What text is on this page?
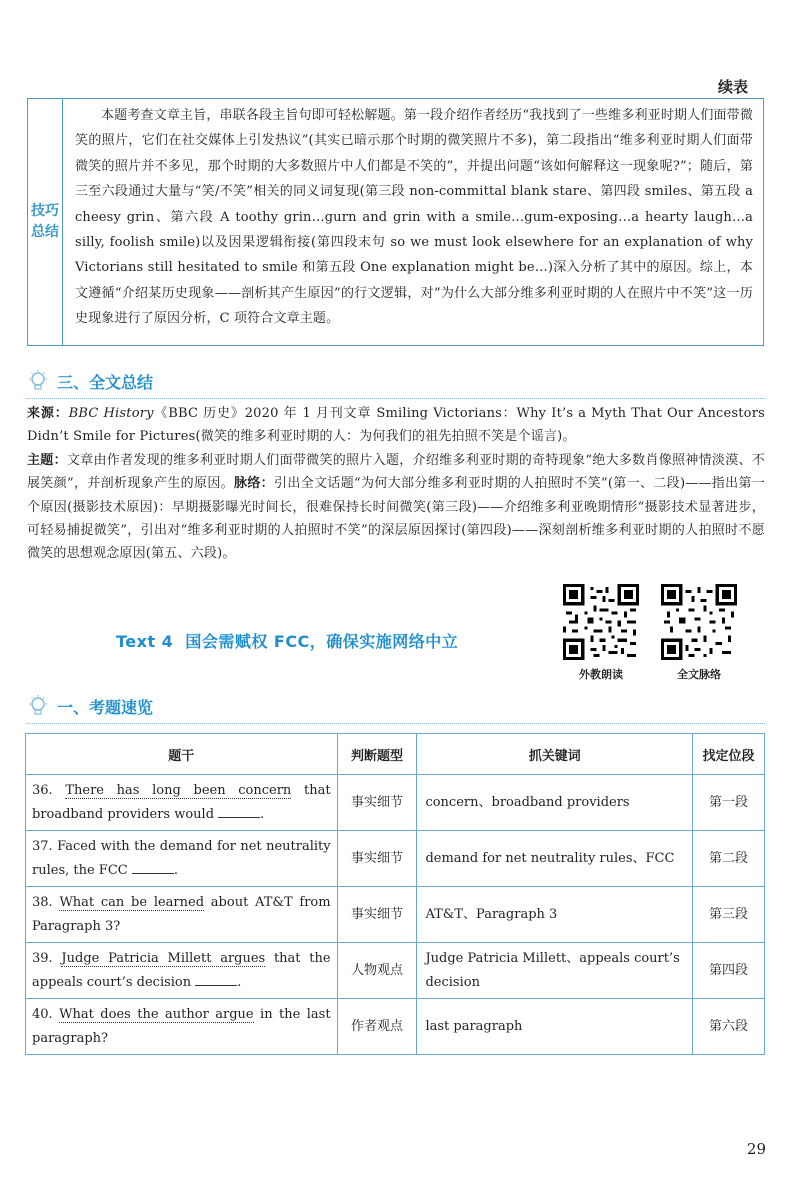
续表
技巧
总结
本题考查文章主旨，串联各段主旨句即可轻松解题。第一段介绍作者经历“我找到了一些维多利亚时期人们面带微笑的照片，它们在社交媒体上引发热议”(其实已暗示那个时期的微笑照片不多)，第二段指出“维多利亚时期人们面带微笑的照片并不多见，那个时期的大多数照片中人们都是不笑的”，并提出问题“该如何解释这一现象呢?”；随后，第三至六段通过大量与“笑/不笑”相关的同义词复现(第三段 non-committal blank stare、第四段 smiles、第五段 a cheesy grin、第六段 A toothy grin…gurn and grin with a smile…gum-exposing…a hearty laugh…a silly, foolish smile)以及因果逻辑衔接(第四段末句 so we must look elsewhere for an explanation of why Victorians still hesitated to smile 和第五段 One explanation might be…)深入分析了其中的原因。综上，本文遵循“介绍某历史现象——剖析其产生原因”的行文逻辑，对“为什么大部分维多利亚时期的人在照片中不笑”这一历史现象进行了原因分析，C 项符合文章主题。
三、全文总结

来源：BBC History《BBC 历史》2020 年 1 月刊文章 Smiling Victorians：Why It’s a Myth That Our Ancestors Didn’t Smile for Pictures(微笑的维多利亚时期的人：为何我们的祖先拍照不笑是个谣言)。

主题：文章由作者发现的维多利亚时期人们面带微笑的照片入题，介绍维多利亚时期的奇特现象“绝大多数肖像照神情淡漠、不展笑颜”，并剖析现象产生的原因。脉络：引出全文话题“为何大部分维多利亚时期的人拍照时不笑”(第一、二段)——指出第一个原因(摄影技术原因)：早期摄影曝光时间长，很难保持长时间微笑(第三段)——介绍维多利亚晚期情形“摄影技术显著进步，可轻易捕捉微笑”，引出对“维多利亚时期的人拍照时不笑”的深层原因探讨(第四段)——深刻剖析维多利亚时期的人拍照时不愿微笑的思想观念原因(第五、六段)。

Text 4 国会需赋权 FCC，确保实施网络中立
外教朗读	全文脉络
一、考题速览
题干	判断题型	抓关键词	找定位段
36. There has long been concern that broadband providers would .	事实细节	concern、broadband providers	第一段
37. Faced with the demand for net neutrality rules, the FCC .	事实细节	demand for net neutrality rules、FCC	第二段
38. What can be learned about AT&T from Paragraph 3?	事实细节	AT&T、Paragraph 3	第三段
39. Judge Patricia Millett argues that the appeals court’s decision .	人物观点	Judge Patricia Millett、appeals court’s decision	第四段
40. What does the author argue in the last paragraph?	作者观点	last paragraph	第六段
29
